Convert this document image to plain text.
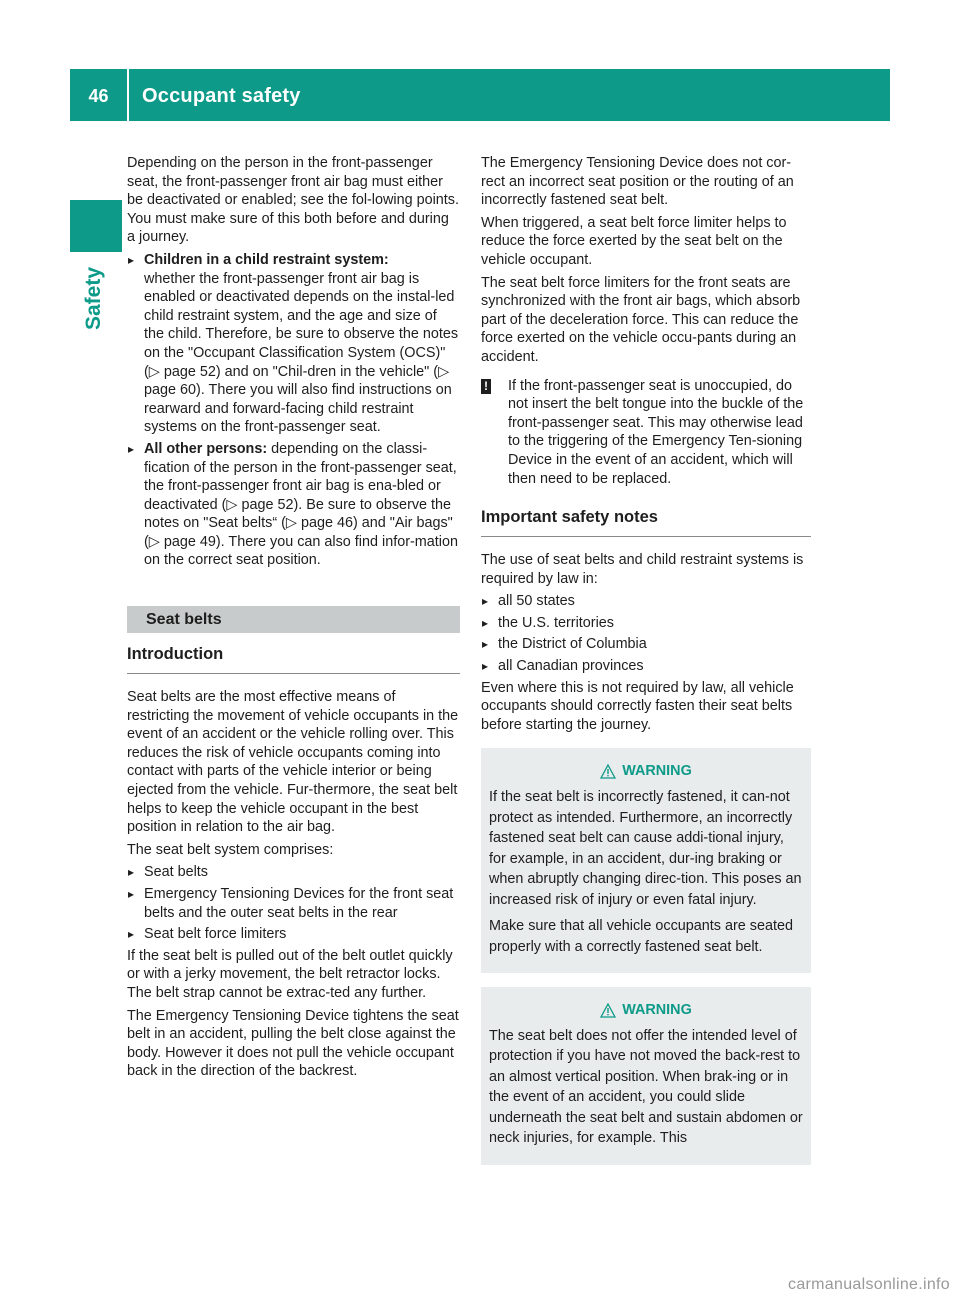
46	Occupant safety
Safety

Depending on the person in the front-passenger seat, the front-passenger front air bag must either be deactivated or enabled; see the fol-lowing points. You must make sure of this both before and during a journey.

▸ Children in a child restraint system:
whether the front-passenger front air bag is enabled or deactivated depends on the instal-led child restraint system, and the age and size of the child. Therefore, be sure to observe the notes on the "Occupant Classification System (OCS)" (▷ page 52) and on "Chil-dren in the vehicle" (▷ page 60). There you will also find instructions on rearward and forward-facing child restraint systems on the front-passenger seat.
▸ All other persons: depending on the classi-fication of the person in the front-passenger seat, the front-passenger front air bag is ena-bled or deactivated (▷ page 52). Be sure to observe the notes on "Seat belts“ (▷ page 46) and "Air bags" (▷ page 49). There you can also find infor-mation on the correct seat position.
Seat belts
Introduction

Seat belts are the most effective means of restricting the movement of vehicle occupants in the event of an accident or the vehicle rolling over. This reduces the risk of vehicle occupants coming into contact with parts of the vehicle interior or being ejected from the vehicle. Fur-thermore, the seat belt helps to keep the vehicle occupant in the best position in relation to the air bag.

The seat belt system comprises:

▸ Seat belts
▸ Emergency Tensioning Devices for the front seat belts and the outer seat belts in the rear
▸ Seat belt force limiters

If the seat belt is pulled out of the belt outlet quickly or with a jerky movement, the belt retractor locks. The belt strap cannot be extrac-ted any further.

The Emergency Tensioning Device tightens the seat belt in an accident, pulling the belt close against the body. However it does not pull the vehicle occupant back in the direction of the backrest.

The Emergency Tensioning Device does not cor-rect an incorrect seat position or the routing of an incorrectly fastened seat belt.

When triggered, a seat belt force limiter helps to reduce the force exerted by the seat belt on the vehicle occupant.

The seat belt force limiters for the front seats are synchronized with the front air bags, which absorb part of the deceleration force. This can reduce the force exerted on the vehicle occu-pants during an accident.

!	If the front-passenger seat is unoccupied, do not insert the belt tongue into the buckle of the front-passenger seat. This may otherwise lead to the triggering of the Emergency Ten-sioning Device in the event of an accident, which will then need to be replaced.

Important safety notes

The use of seat belts and child restraint systems is required by law in:

▸ all 50 states
▸ the U.S. territories
▸ the District of Columbia
▸ all Canadian provinces

Even where this is not required by law, all vehicle occupants should correctly fasten their seat belts before starting the journey.

WARNING

If the seat belt is incorrectly fastened, it can-not protect as intended. Furthermore, an incorrectly fastened seat belt can cause addi-tional injury, for example, in an accident, dur-ing braking or when abruptly changing direc-tion. This poses an increased risk of injury or even fatal injury.

Make sure that all vehicle occupants are seated properly with a correctly fastened seat belt.

WARNING

The seat belt does not offer the intended level of protection if you have not moved the back-rest to an almost vertical position. When brak-ing or in the event of an accident, you could slide underneath the seat belt and sustain abdomen or neck injuries, for example. This

carmanualsonline.info
